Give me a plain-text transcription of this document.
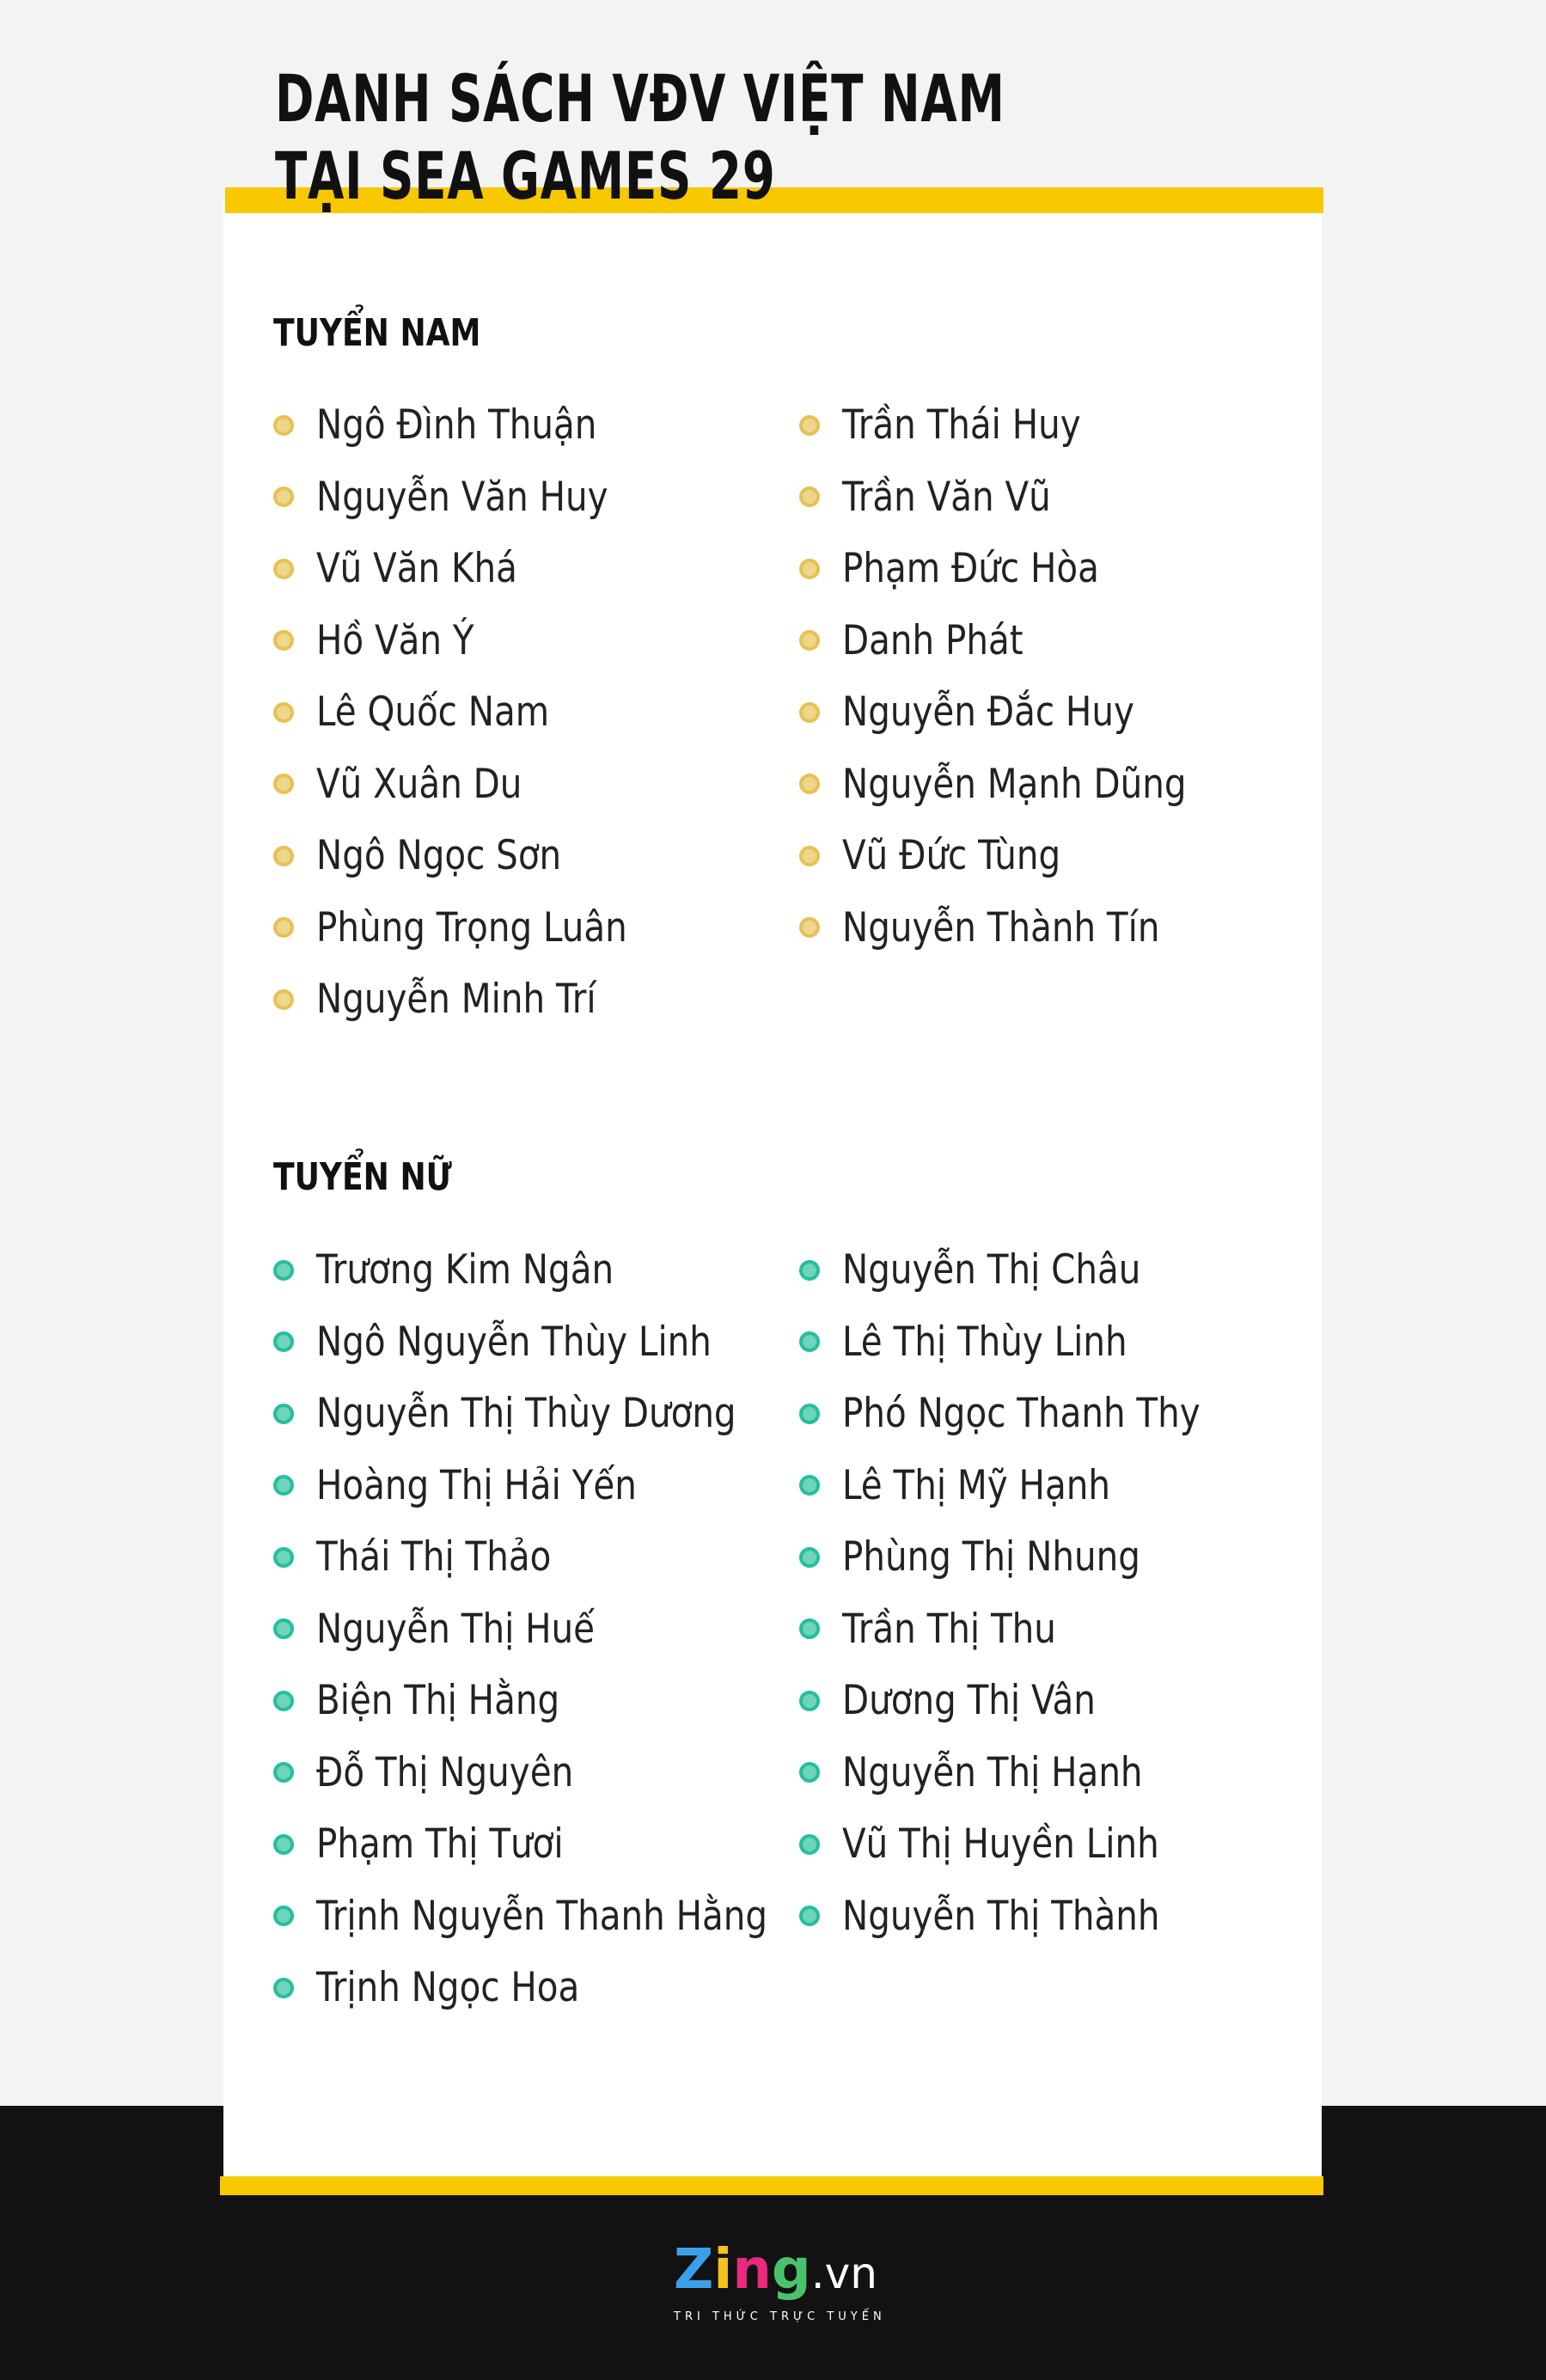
DANH SÁCH VĐV VIỆT NAM
TẠI SEA GAMES 29
TUYỂN NAM
Ngô Đình Thuận
Nguyễn Văn Huy
Vũ Văn Khá
Hồ Văn Ý
Lê Quốc Nam
Vũ Xuân Du
Ngô Ngọc Sơn
Phùng Trọng Luân
Nguyễn Minh Trí
Trần Thái Huy
Trần Văn Vũ
Phạm Đức Hòa
Danh Phát
Nguyễn Đắc Huy
Nguyễn Mạnh Dũng
Vũ Đức Tùng
Nguyễn Thành Tín
TUYỂN NỮ
Trương Kim Ngân
Ngô Nguyễn Thùy Linh
Nguyễn Thị Thùy Dương
Hoàng Thị Hải Yến
Thái Thị Thảo
Nguyễn Thị Huế
Biện Thị Hằng
Đỗ Thị Nguyên
Phạm Thị Tươi
Trịnh Nguyễn Thanh Hằng
Trịnh Ngọc Hoa
Nguyễn Thị Châu
Lê Thị Thùy Linh
Phó Ngọc Thanh Thy
Lê Thị Mỹ Hạnh
Phùng Thị Nhung
Trần Thị Thu
Dương Thị Vân
Nguyễn Thị Hạnh
Vũ Thị Huyền Linh
Nguyễn Thị Thành
Zing.vn
TRI THỨC TRỰC TUYẾN
